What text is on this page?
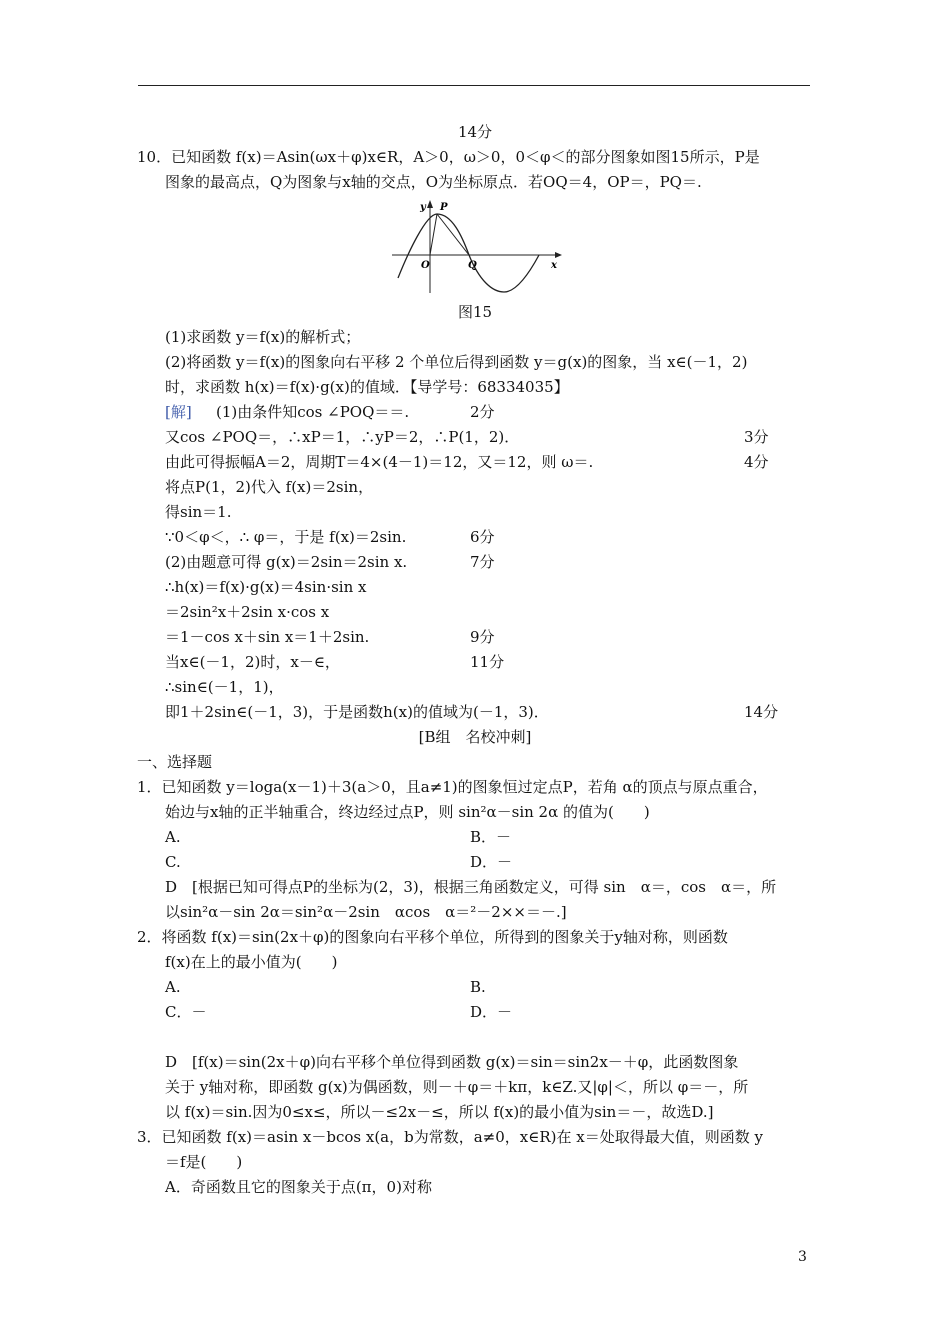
14分
10．已知函数 f(x)＝Asin(ωx＋φ)x∈R，A＞0，ω＞0，0＜φ＜的部分图象如图15所示，P是
图象的最高点，Q为图象与x轴的交点，O为坐标原点．若OQ＝4，OP＝，PQ＝.
y P
O	Q	x
图15
(1)求函数 y＝f(x)的解析式；
(2)将函数 y＝f(x)的图象向右平移 2 个单位后得到函数 y＝g(x)的图象，当 x∈(－1，2)
时，求函数 h(x)＝f(x)·g(x)的值域．【导学号：68334035】
[解] (1)由条件知cos ∠POQ＝＝.	2分
又cos ∠POQ＝，∴xP＝1，∴yP＝2，∴P(1，2)．	3分
由此可得振幅A＝2，周期T＝4×(4－1)＝12，又＝12，则 ω＝.	4分
将点P(1，2)代入 f(x)＝2sin，
得sin＝1.
∵0＜φ＜，∴ φ＝，于是 f(x)＝2sin.	6分
(2)由题意可得 g(x)＝2sin＝2sin x.	7分
∴h(x)＝f(x)·g(x)＝4sin·sin x
＝2sin²x＋2sin x·cos x
＝1－cos x＋sin x＝1＋2sin.	9分
当x∈(－1，2)时，x－∈，	11分
∴sin∈(－1，1)，
即1＋2sin∈(－1，3)，于是函数h(x)的值域为(－1，3)．	14分
[B组　名校冲刺]
一、选择题
1．已知函数 y＝loga(x－1)＋3(a＞0，且a≠1)的图象恒过定点P，若角 α的顶点与原点重合，
始边与x轴的正半轴重合，终边经过点P，则 sin²α－sin 2α 的值为(　　)
A.	B．－
C.	D．－
D　[根据已知可得点P的坐标为(2，3)，根据三角函数定义，可得 sin　α＝，cos　α＝，所
以sin²α－sin 2α＝sin²α－2sin　αcos　α＝²－2××＝－.]
2．将函数 f(x)＝sin(2x＋φ)的图象向右平移个单位，所得到的图象关于y轴对称，则函数
f(x)在上的最小值为(　　)
A.	B.
C．－	D．－
D　[f(x)＝sin(2x＋φ)向右平移个单位得到函数 g(x)＝sin＝sin2x－＋φ，此函数图象
关于 y轴对称，即函数 g(x)为偶函数，则－＋φ＝＋kπ，k∈Z.又|φ|＜，所以 φ＝－，所
以 f(x)＝sin.因为0≤x≤，所以－≤2x－≤，所以 f(x)的最小值为sin＝－，故选D.]
3．已知函数 f(x)＝asin x－bcos x(a，b为常数，a≠0，x∈R)在 x＝处取得最大值，则函数 y
＝f是(　　)
A．奇函数且它的图象关于点(π，0)对称
3
